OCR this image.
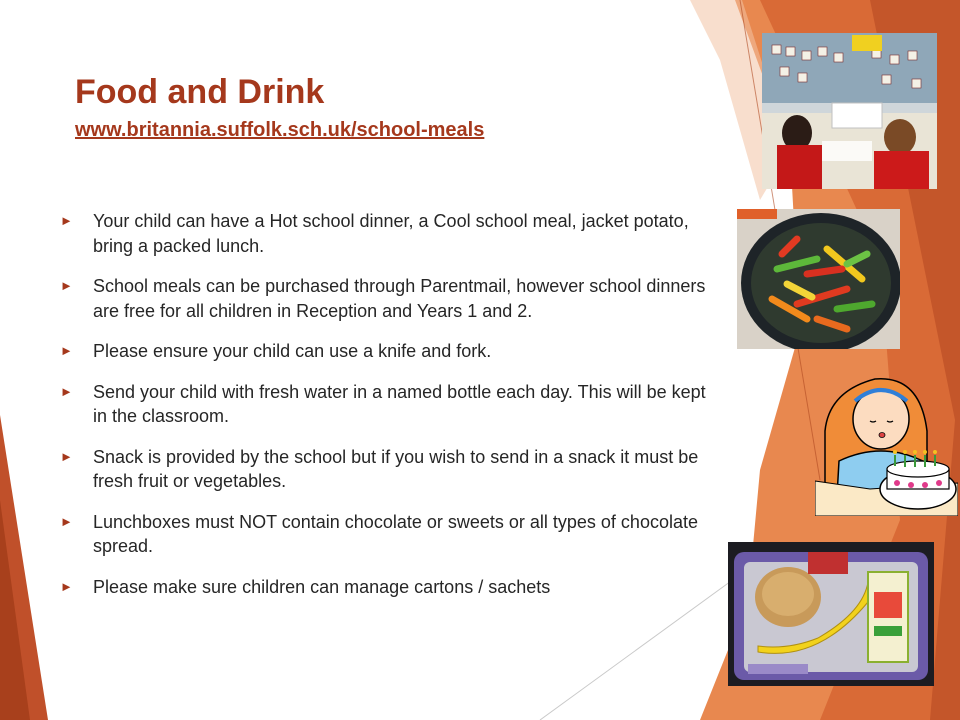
Food and Drink
www.britannia.suffolk.sch.uk/school-meals
► Your child can have a Hot school dinner, a Cool school meal, jacket potato, bring a packed lunch.
► School meals can be purchased through Parentmail, however school dinners are free for all children in Reception and Years 1 and 2.
► Please ensure your child can use a knife and fork.
► Send your child with fresh water in a named bottle each day. This will be kept in the classroom.
► Snack is provided by the school but if you wish to send in a snack it must be fresh fruit or vegetables.
► Lunchboxes must NOT contain chocolate or sweets or all types of chocolate spread.
► Please make sure children can manage cartons / sachets
